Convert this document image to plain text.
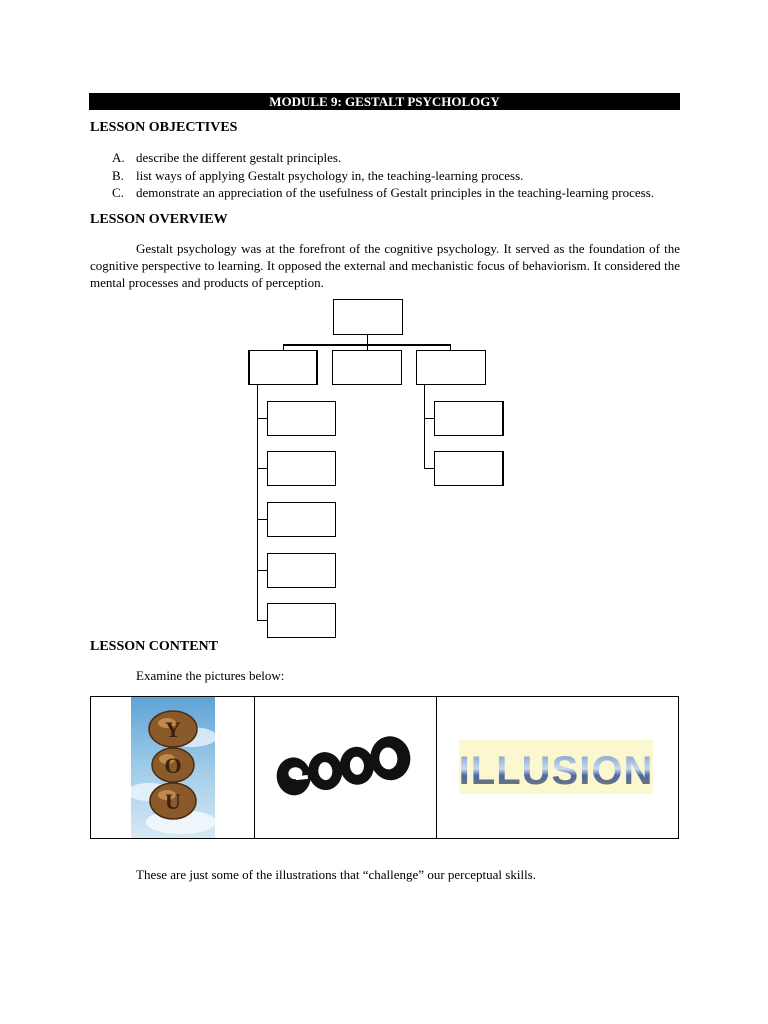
MODULE 9: GESTALT PSYCHOLOGY
LESSON OBJECTIVES
A. describe the different gestalt principles.
B. list ways of applying Gestalt psychology in, the teaching-learning process.
C. demonstrate an appreciation of the usefulness of Gestalt principles in the teaching-learning process.
LESSON OVERVIEW
Gestalt psychology was at the forefront of the cognitive psychology. It served as the foundation of the cognitive perspective to learning. It opposed the external and mechanistic focus of behaviorism. It considered the mental processes and products of perception.
LESSON CONTENT
Examine the pictures below:
Y
O
U
ILLUSION
These are just some of the illustrations that “challenge” our perceptual skills.
